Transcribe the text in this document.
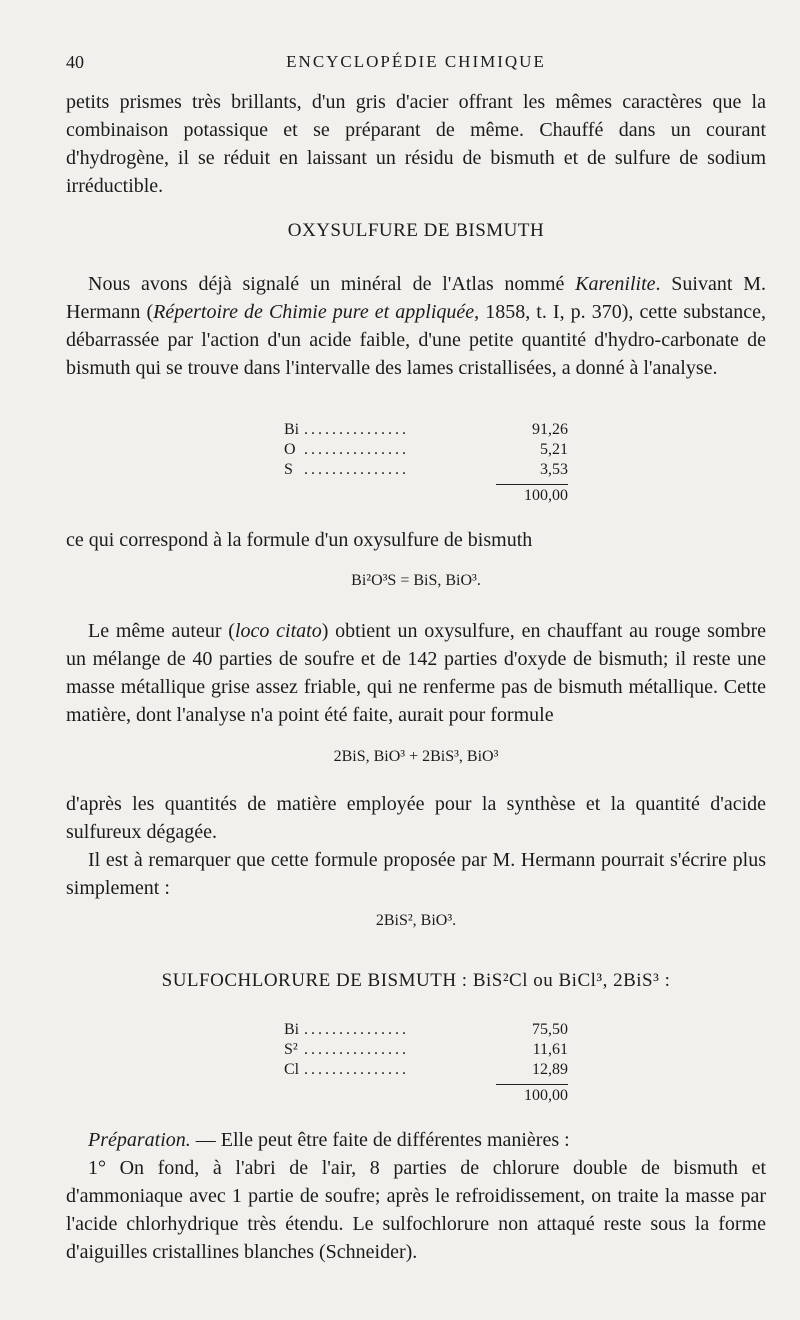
40	ENCYCLOPÉDIE CHIMIQUE

petits prismes très brillants, d'un gris d'acier offrant les mêmes caractères que la combinaison potassique et se préparant de même. Chauffé dans un courant d'hydrogène, il se réduit en laissant un résidu de bismuth et de sulfure de sodium irréductible.

OXYSULFURE DE BISMUTH

Nous avons déjà signalé un minéral de l'Atlas nommé Karenilite. Suivant M. Hermann (Répertoire de Chimie pure et appliquée, 1858, t. I, p. 370), cette substance, débarrassée par l'action d'un acide faible, d'une petite quantité d'hydro-carbonate de bismuth qui se trouve dans l'intervalle des lames cristallisées, a donné à l'analyse.

Bi ...............	91,26
O ...............	5,21
S ...............	3,53
100,00

ce qui correspond à la formule d'un oxysulfure de bismuth

Bi²O³S = BiS, BiO³.

Le même auteur (loco citato) obtient un oxysulfure, en chauffant au rouge sombre un mélange de 40 parties de soufre et de 142 parties d'oxyde de bismuth; il reste une masse métallique grise assez friable, qui ne renferme pas de bismuth métallique. Cette matière, dont l'analyse n'a point été faite, aurait pour formule

2BiS, BiO³ + 2BiS³, BiO³

d'après les quantités de matière employée pour la synthèse et la quantité d'acide sulfureux dégagée.

Il est à remarquer que cette formule proposée par M. Hermann pourrait s'écrire plus simplement :

2BiS², BiO³.
SULFOCHLORURE DE BISMUTH : BiS²Cl ou BiCl³, 2BiS³ :
Bi ...............	75,50
S² ...............	11,61
Cl ...............	12,89
100,00

Préparation. — Elle peut être faite de différentes manières :

1° On fond, à l'abri de l'air, 8 parties de chlorure double de bismuth et d'ammoniaque avec 1 partie de soufre; après le refroidissement, on traite la masse par l'acide chlorhydrique très étendu. Le sulfochlorure non attaqué reste sous la forme d'aiguilles cristallines blanches (Schneider).
